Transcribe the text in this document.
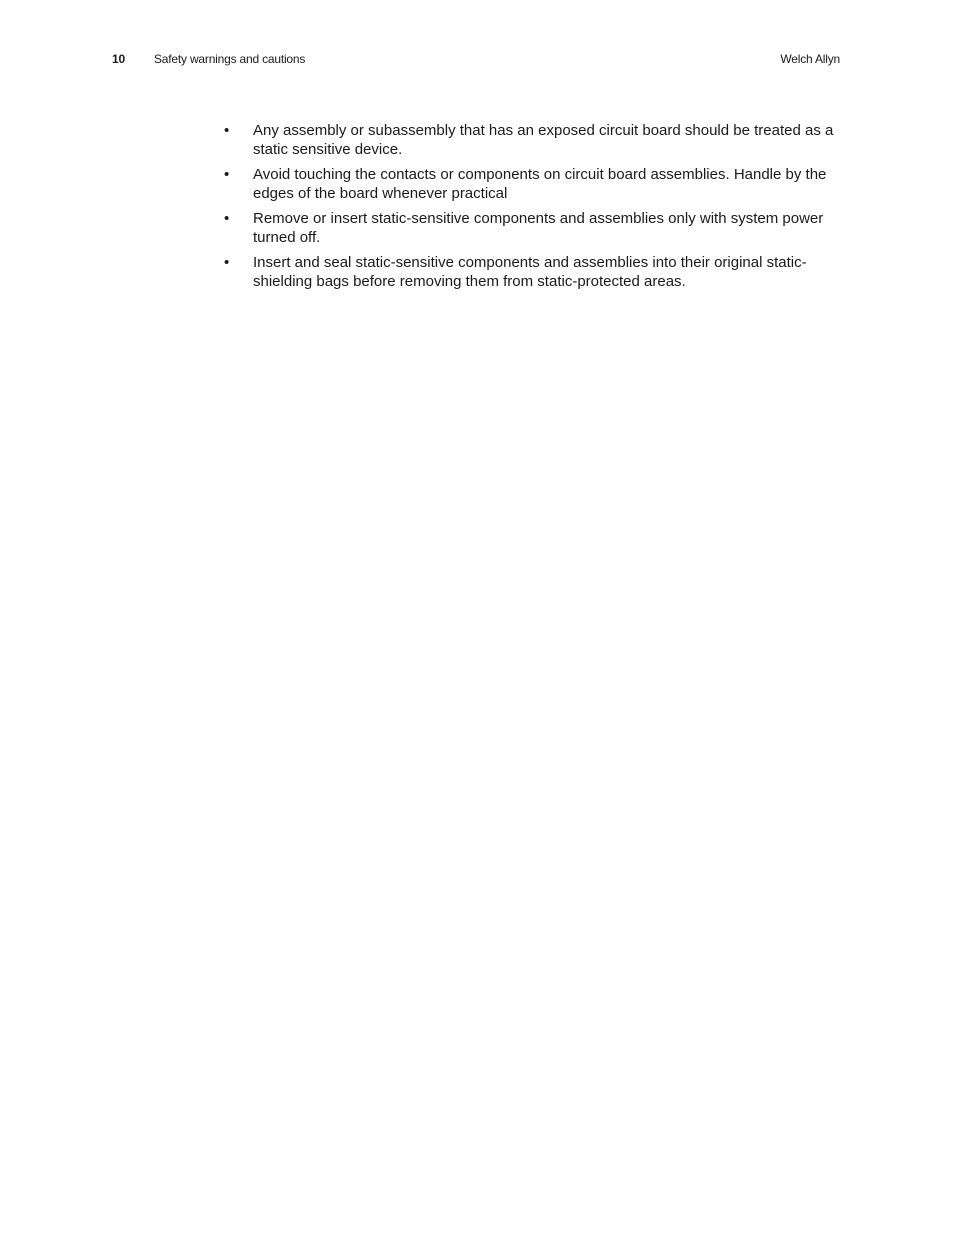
10 Safety warnings and cautions	Welch Allyn
•	Any assembly or subassembly that has an exposed circuit board should be treated as a static sensitive device.
•	Avoid touching the contacts or components on circuit board assemblies. Handle by the edges of the board whenever practical
•	Remove or insert static-sensitive components and assemblies only with system power turned off.
•	Insert and seal static-sensitive components and assemblies into their original static-shielding bags before removing them from static-protected areas.
